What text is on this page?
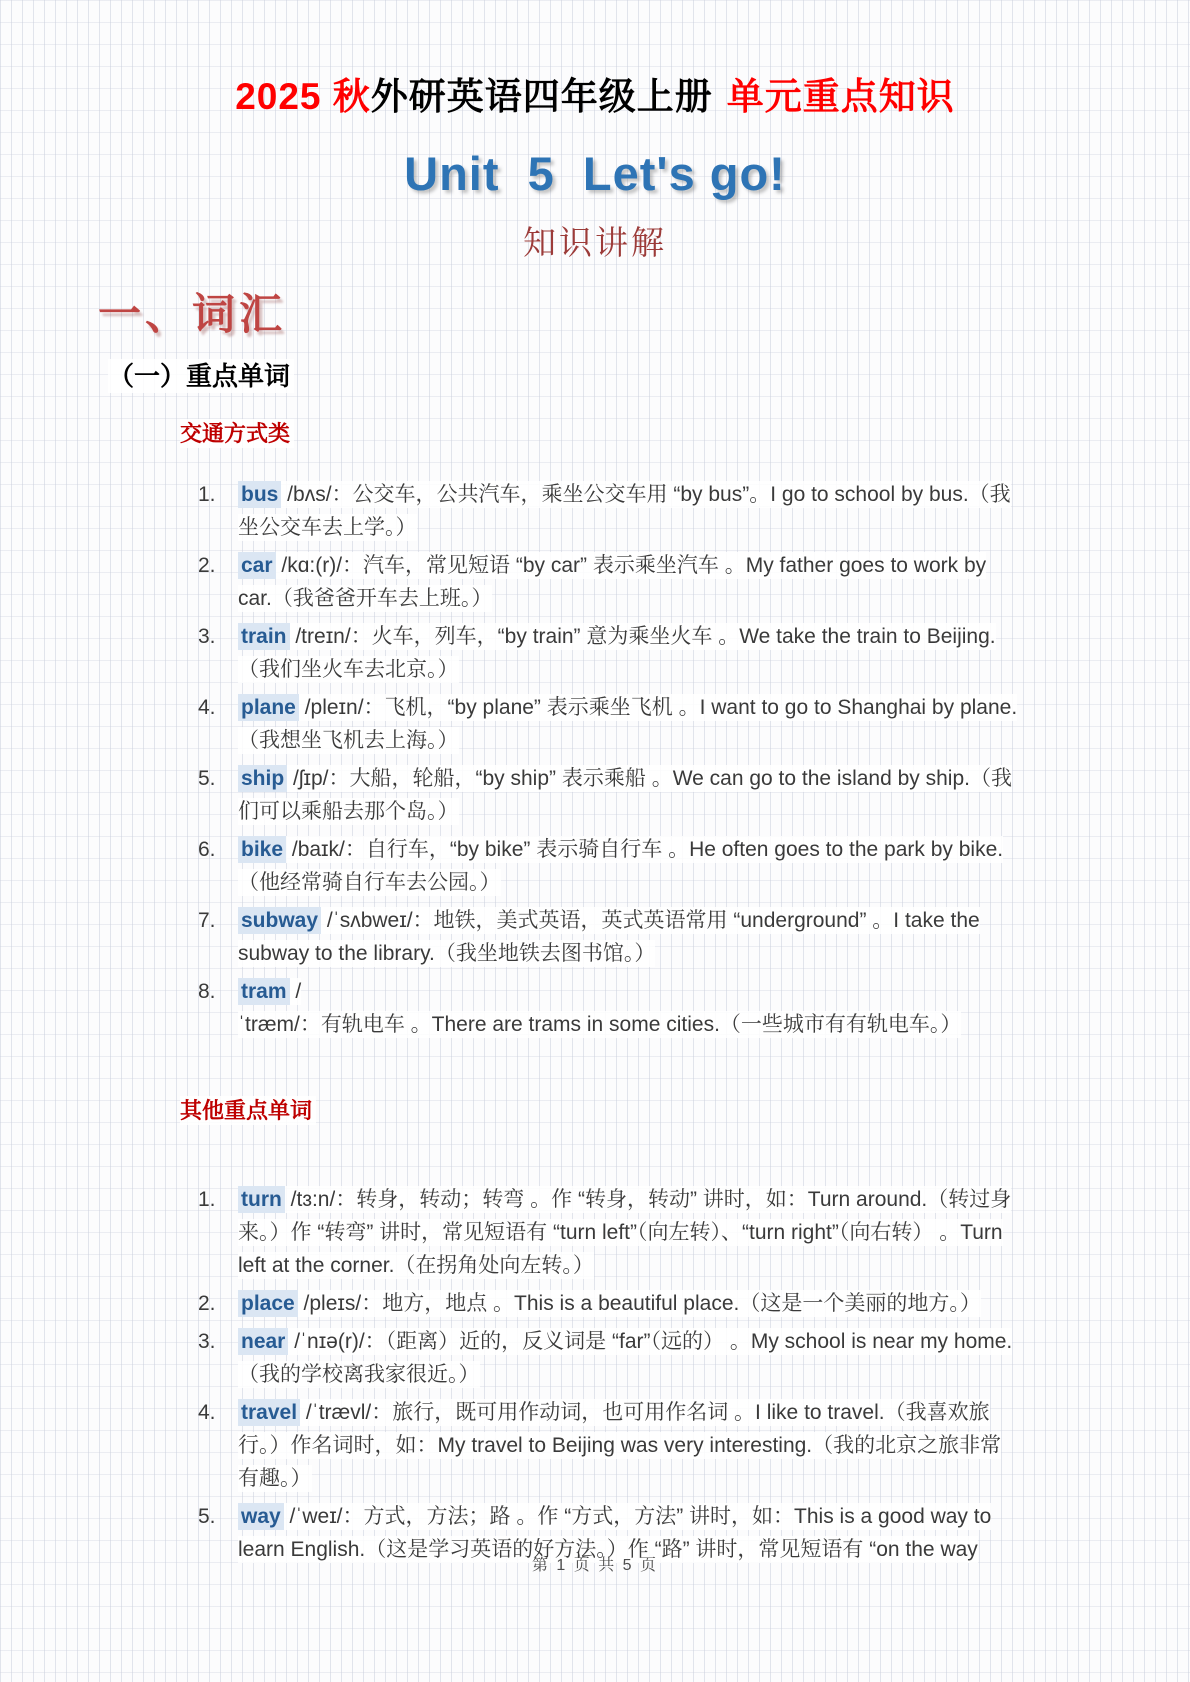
2025 秋外研英语四年级上册 单元重点知识
Unit  5  Let's go!
知识讲解
一、词汇
（一）重点单词
交通方式类
1.	bus /bʌs/：公交车，公共汽车，乘坐公交车用 “by bus”。I go to school by bus.（我坐公交车去上学。）
2.	car /kɑ:(r)/：汽车，常见短语 “by car” 表示乘坐汽车 。My father goes to work by car.（我爸爸开车去上班。）
3.	train /treɪn/：火车，列车，“by train” 意为乘坐火车 。We take the train to Beijing.（我们坐火车去北京。）
4.	plane /pleɪn/：飞机，“by plane” 表示乘坐飞机 。I want to go to Shanghai by plane.（我想坐飞机去上海。）
5.	ship /ʃɪp/：大船，轮船，“by ship” 表示乘船 。We can go to the island by ship.（我们可以乘船去那个岛。）
6.	bike /baɪk/：自行车，“by bike” 表示骑自行车 。He often goes to the park by bike.（他经常骑自行车去公园。）
7.	subway /ˈsʌbweɪ/：地铁，美式英语，英式英语常用 “underground” 。I take the subway to the library.（我坐地铁去图书馆。）
8.	tram /ˈtræm/：有轨电车 。There are trams in some cities.（一些城市有有轨电车。）
其他重点单词
1.	turn /tɜ:n/：转身，转动；转弯 。作 “转身，转动” 讲时，如：Turn around.（转过身来。）作 “转弯” 讲时，常见短语有 “turn left”（向左转）、“turn right”（向右转） 。Turn left at the corner.（在拐角处向左转。）
2.	place /pleɪs/：地方，地点 。This is a beautiful place.（这是一个美丽的地方。）
3.	near /ˈnɪə(r)/：（距离）近的，反义词是 “far”（远的） 。My school is near my home.（我的学校离我家很近。）
4.	travel /ˈtrævl/：旅行，既可用作动词，也可用作名词 。I like to travel.（我喜欢旅行。）作名词时，如：My travel to Beijing was very interesting.（我的北京之旅非常有趣。）
5.	way /ˈweɪ/：方式，方法；路 。作 “方式，方法” 讲时，如：This is a good way to learn English.（这是学习英语的好方法。）作 “路” 讲时，常见短语有 “on the way
第 1 页 共 5 页
